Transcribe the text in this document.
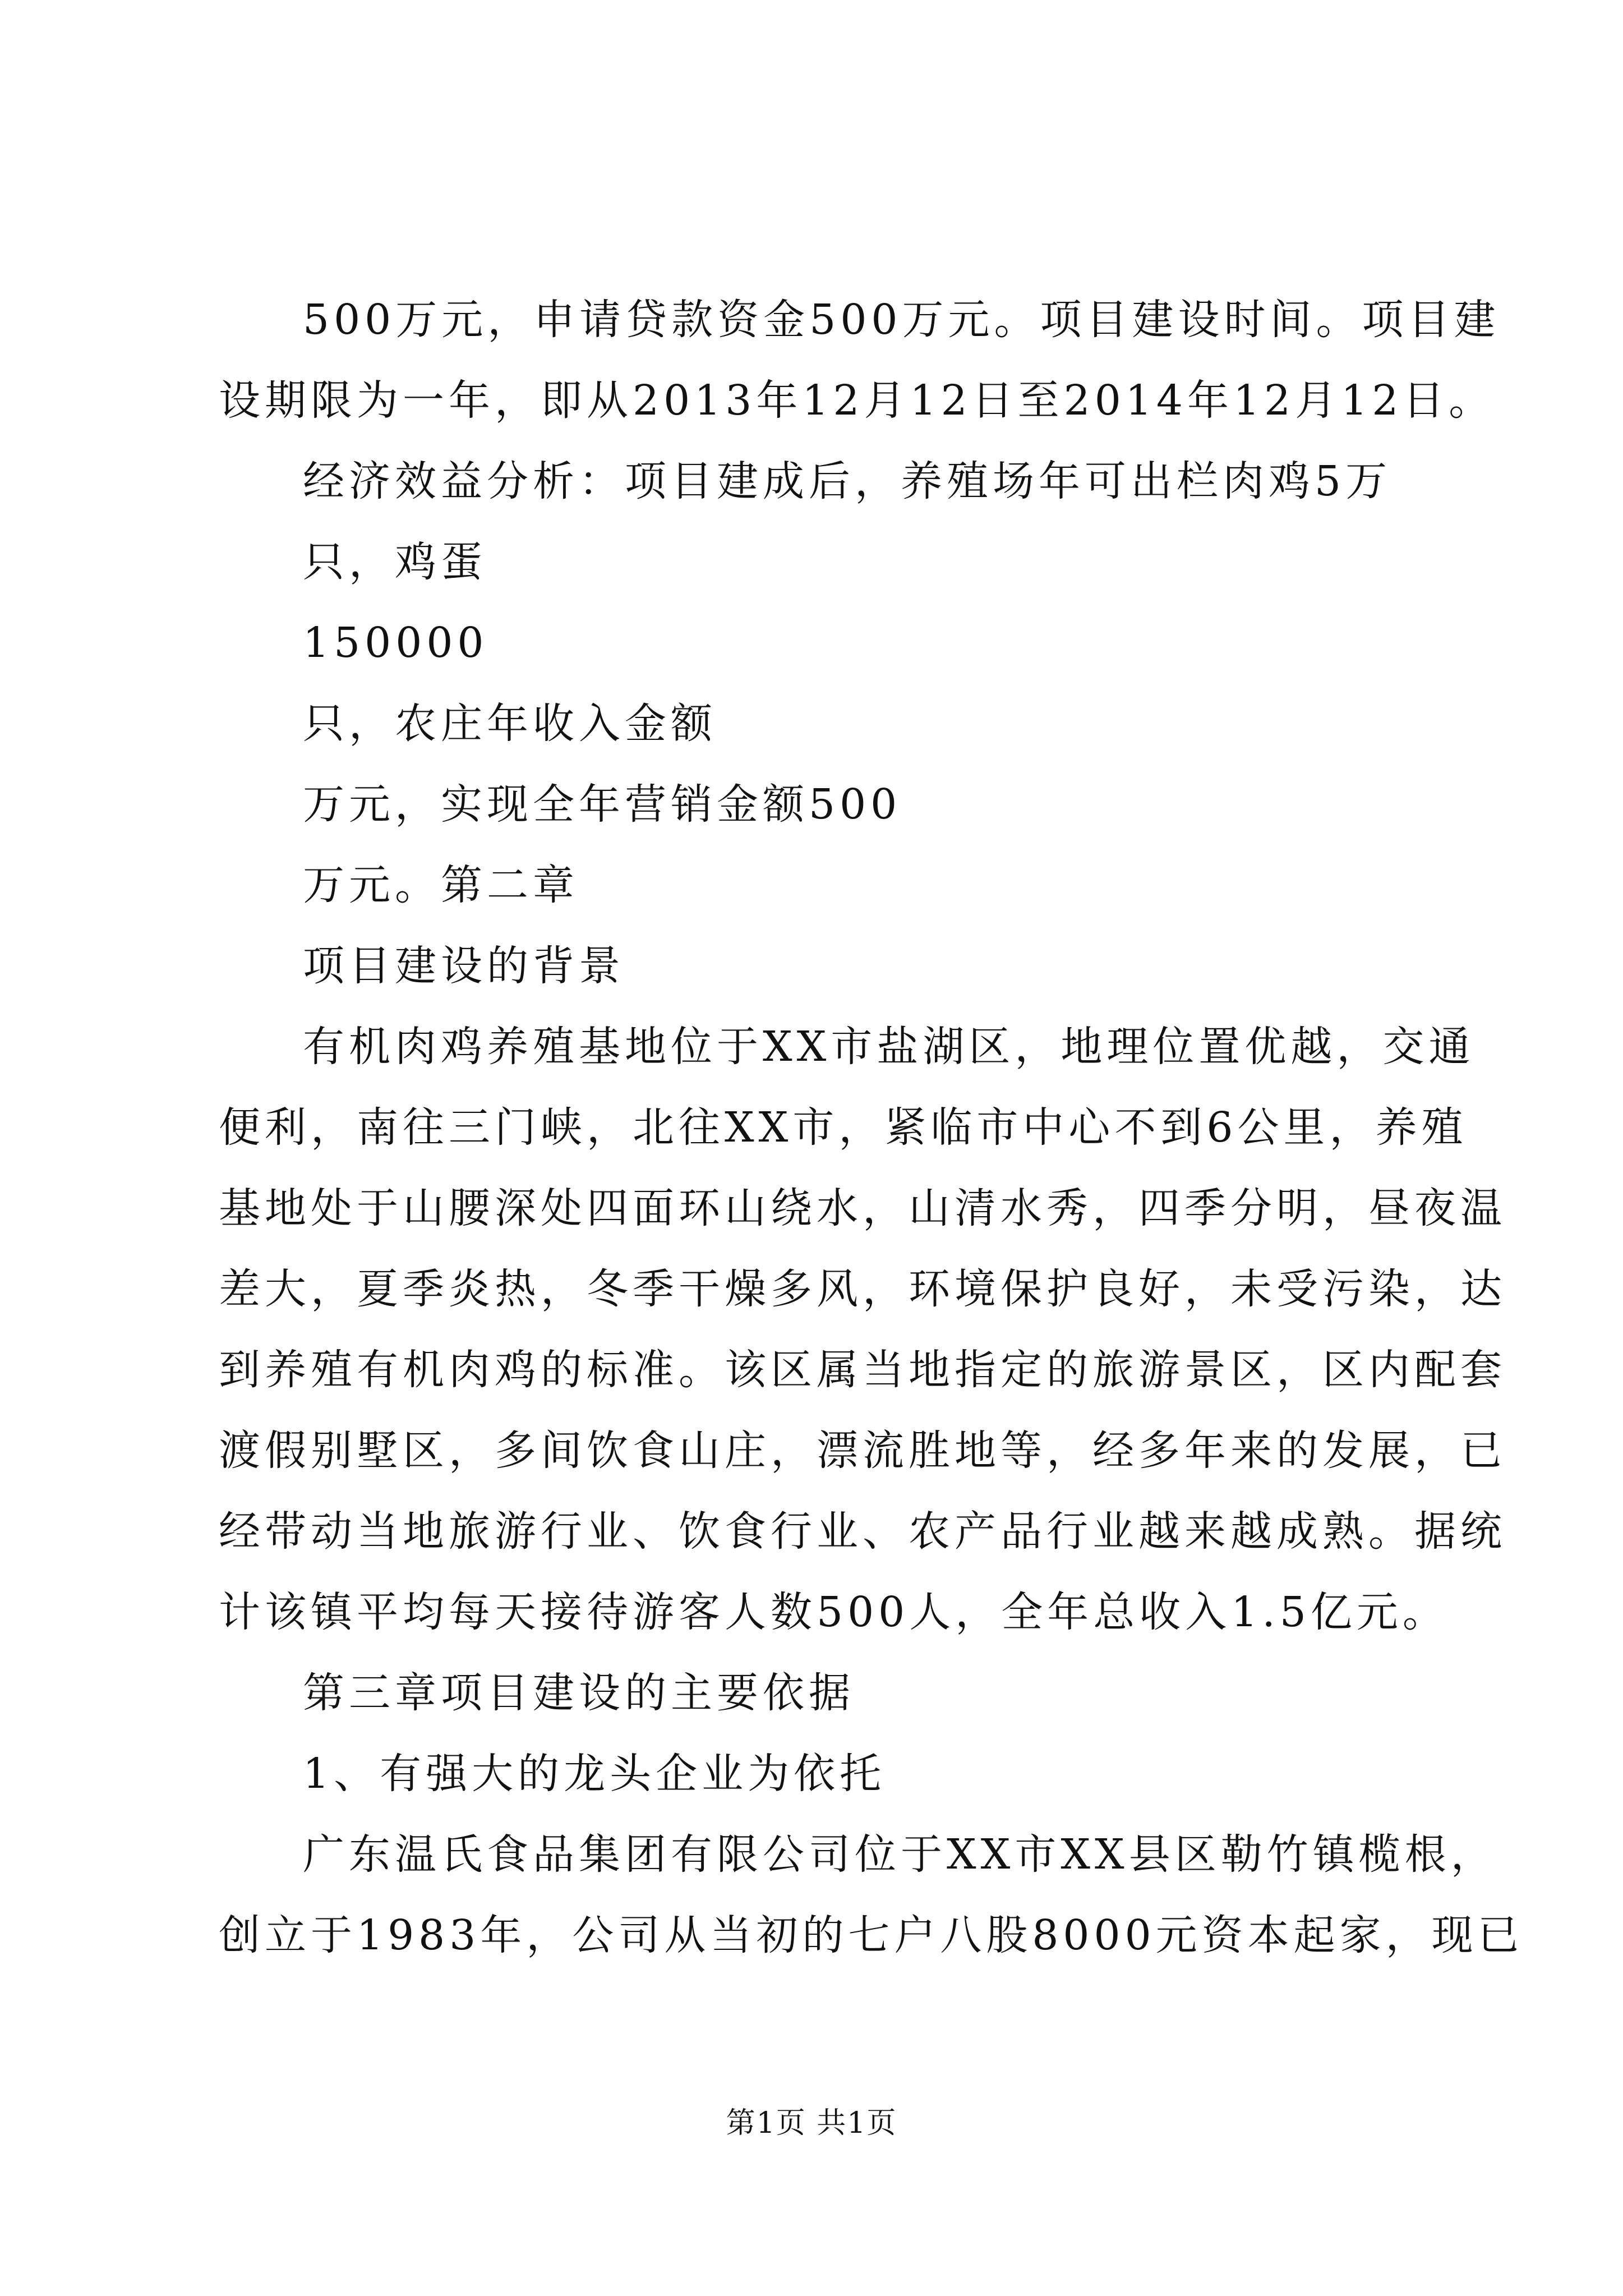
500万元，申请贷款资金500万元。项目建设时间。项目建
设期限为一年，即从2013年12月12日至2014年12月12日。
经济效益分析：项目建成后，养殖场年可出栏肉鸡5万
只，鸡蛋
150000
只，农庄年收入金额
万元，实现全年营销金额500
万元。第二章
项目建设的背景
有机肉鸡养殖基地位于XX市盐湖区，地理位置优越，交通
便利，南往三门峡，北往XX市，紧临市中心不到6公里，养殖
基地处于山腰深处四面环山绕水，山清水秀，四季分明，昼夜温
差大，夏季炎热，冬季干燥多风，环境保护良好，未受污染，达
到养殖有机肉鸡的标准。该区属当地指定的旅游景区，区内配套
渡假别墅区，多间饮食山庄，漂流胜地等，经多年来的发展，已
经带动当地旅游行业、饮食行业、农产品行业越来越成熟。据统
计该镇平均每天接待游客人数500人，全年总收入1.5亿元。
第三章项目建设的主要依据
1、有强大的龙头企业为依托
广东温氏食品集团有限公司位于XX市XX县区勒竹镇榄根，
创立于1983年，公司从当初的七户八股8000元资本起家，现已
第1页 共1页
